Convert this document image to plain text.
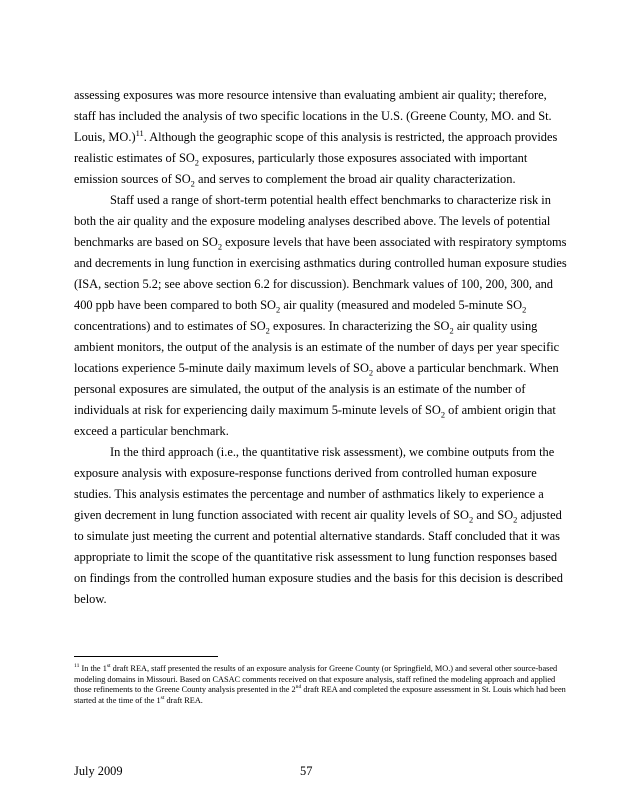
assessing exposures was more resource intensive than evaluating ambient air quality; therefore, staff has included the analysis of two specific locations in the U.S. (Greene County, MO. and St. Louis, MO.)$^{11}$. Although the geographic scope of this analysis is restricted, the approach provides realistic estimates of $SO_2$ exposures, particularly those exposures associated with important emission sources of $SO_2$ and serves to complement the broad air quality characterization.

Staff used a range of short-term potential health effect benchmarks to characterize risk in both the air quality and the exposure modeling analyses described above. The levels of potential benchmarks are based on $SO_2$ exposure levels that have been associated with respiratory symptoms and decrements in lung function in exercising asthmatics during controlled human exposure studies (ISA, section 5.2; see above section 6.2 for discussion). Benchmark values of 100, 200, 300, and 400 ppb have been compared to both $SO_2$ air quality (measured and modeled 5-minute $SO_2$ concentrations) and to estimates of $SO_2$ exposures. In characterizing the $SO_2$ air quality using ambient monitors, the output of the analysis is an estimate of the number of days per year specific locations experience 5-minute daily maximum levels of $SO_2$ above a particular benchmark. When personal exposures are simulated, the output of the analysis is an estimate of the number of individuals at risk for experiencing daily maximum 5-minute levels of $SO_2$ of ambient origin that exceed a particular benchmark.

In the third approach (i.e., the quantitative risk assessment), we combine outputs from the exposure analysis with exposure-response functions derived from controlled human exposure studies. This analysis estimates the percentage and number of asthmatics likely to experience a given decrement in lung function associated with recent air quality levels of $SO_2$ and $SO_2$ adjusted to simulate just meeting the current and potential alternative standards. Staff concluded that it was appropriate to limit the scope of the quantitative risk assessment to lung function responses based on findings from the controlled human exposure studies and the basis for this decision is described below.

$^{11}$ In the 1st draft REA, staff presented the results of an exposure analysis for Greene County (or Springfield, MO.) and several other source-based modeling domains in Missouri. Based on CASAC comments received on that exposure analysis, staff refined the modeling approach and applied those refinements to the Greene County analysis presented in the 2nd draft REA and completed the exposure assessment in St. Louis which had been started at the time of the 1st draft REA.

July 2009	57
